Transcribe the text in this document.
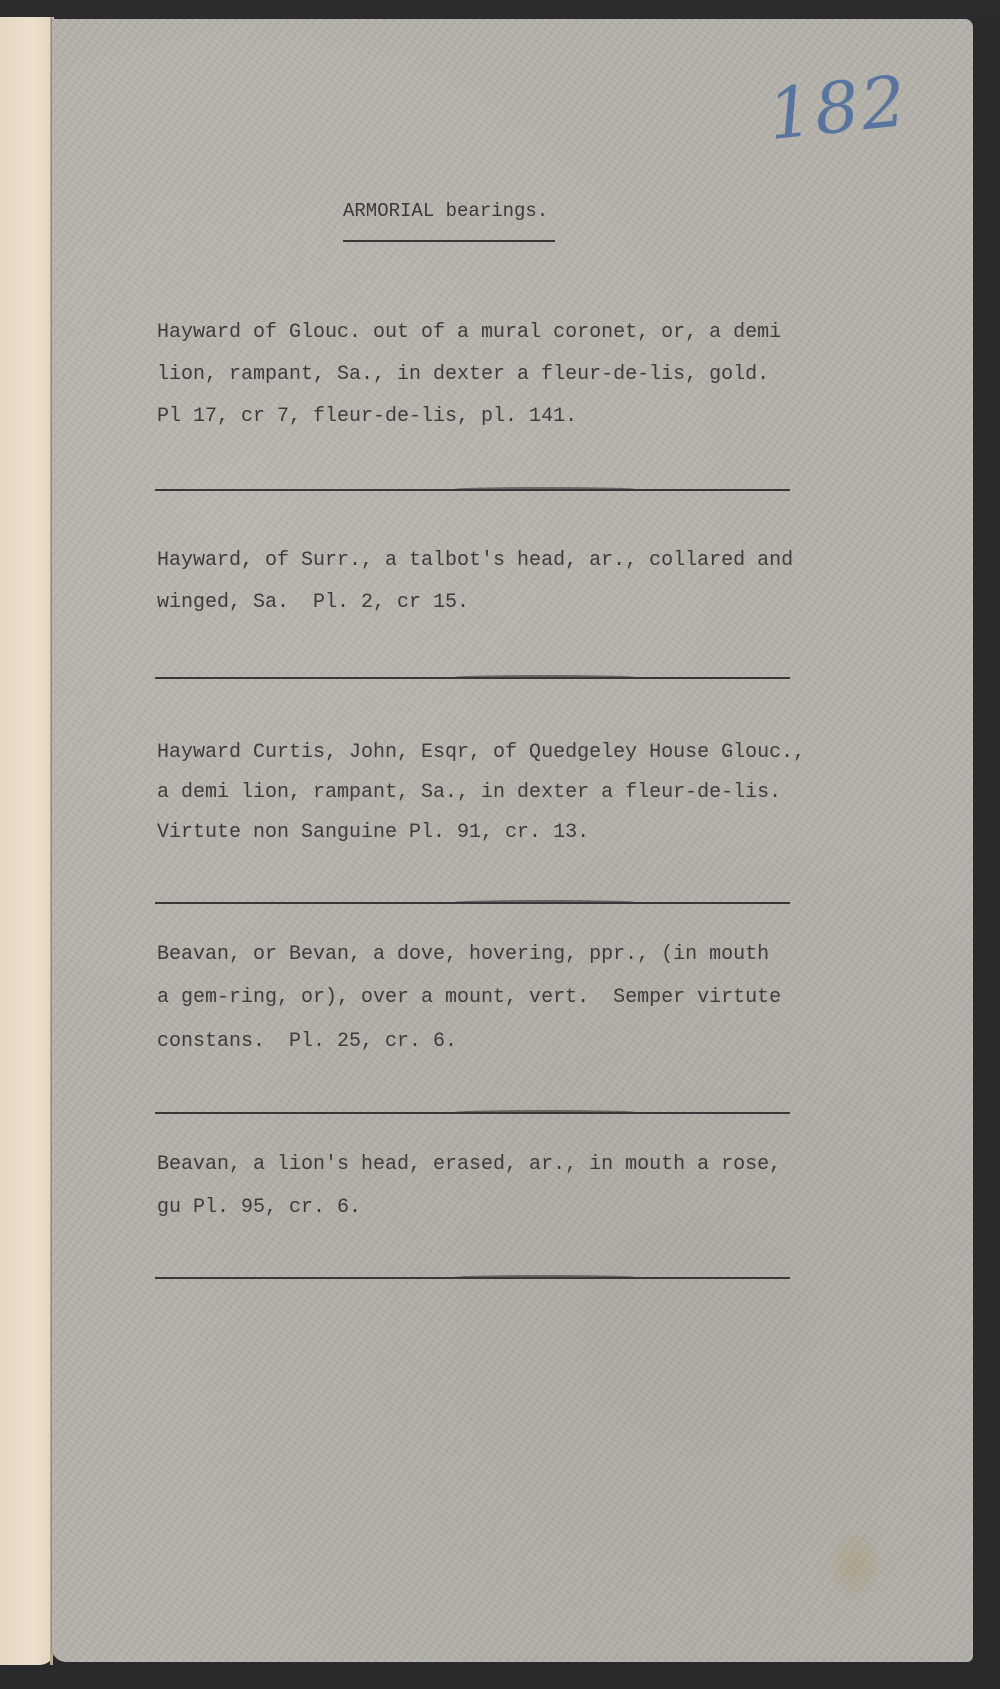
182
ARMORIAL bearings.
Hayward of Glouc. out of a mural coronet, or, a demi
lion, rampant, Sa., in dexter a fleur-de-lis, gold.
Pl 17, cr 7, fleur-de-lis, pl. 141.
Hayward, of Surr., a talbot's head, ar., collared and
winged, Sa.  Pl. 2, cr 15.
Hayward Curtis, John, Esqr, of Quedgeley House Glouc.,
a demi lion, rampant, Sa., in dexter a fleur-de-lis.
Virtute non Sanguine Pl. 91, cr. 13.
Beavan, or Bevan, a dove, hovering, ppr., (in mouth
a gem-ring, or), over a mount, vert.  Semper virtute
constans.  Pl. 25, cr. 6.
Beavan, a lion's head, erased, ar., in mouth a rose,
gu Pl. 95, cr. 6.
